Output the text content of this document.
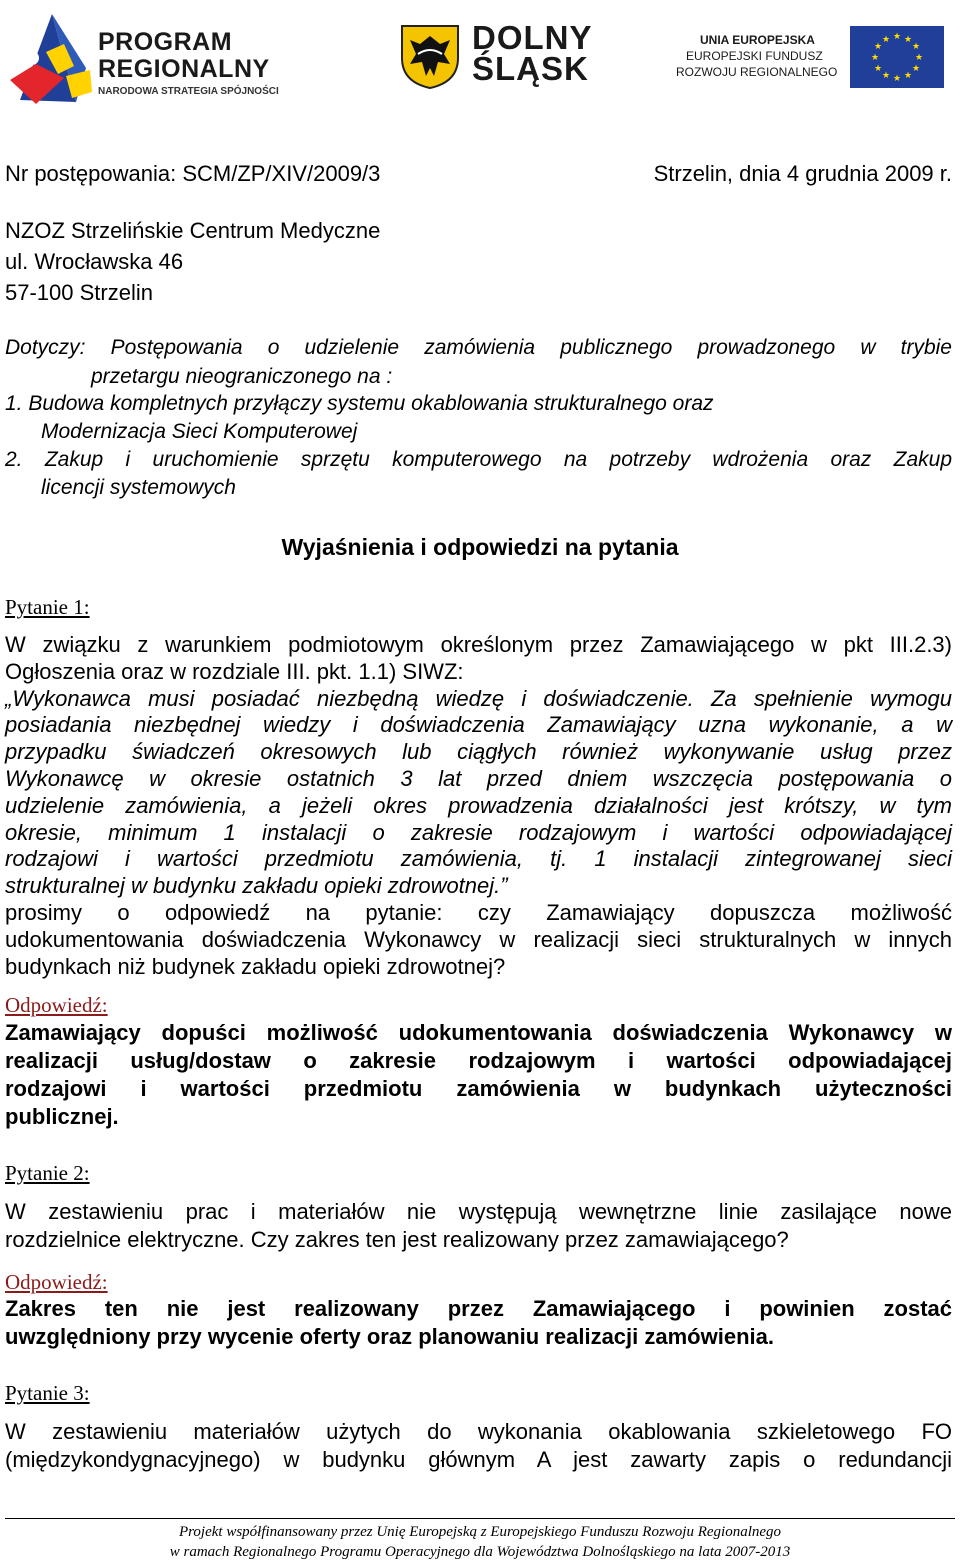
PROGRAM
REGIONALNY
NARODOWA STRATEGIA SPÓJNOŚCI
DOLNY
ŚLĄSK
UNIA EUROPEJSKA
EUROPEJSKI FUNDUSZ
ROZWOJU REGIONALNEGO
★ ★
★
★
★
★
★
★
★
★
★
★
Nr postępowania: SCM/ZP/XIV/2009/3	Strzelin, dnia 4 grudnia 2009 r.
NZOZ Strzelińskie Centrum Medyczne
ul. Wrocławska 46
57-100 Strzelin
Dotyczy: Postępowania o udzielenie zamówienia publicznego prowadzonego w trybie
przetargu nieograniczonego na :
1. Budowa kompletnych przyłączy systemu okablowania strukturalnego oraz
Modernizacja Sieci Komputerowej
2. Zakup i uruchomienie sprzętu komputerowego na potrzeby wdrożenia oraz Zakup
licencji systemowych
Wyjaśnienia i odpowiedzi na pytania
Pytanie 1:
W związku z warunkiem podmiotowym określonym przez Zamawiającego w pkt III.2.3)
Ogłoszenia oraz w rozdziale III. pkt. 1.1) SIWZ:
„Wykonawca musi posiadać niezbędną wiedzę i doświadczenie. Za spełnienie wymogu
posiadania niezbędnej wiedzy i doświadczenia Zamawiający uzna wykonanie, a w
przypadku świadczeń okresowych lub ciągłych również wykonywanie usług przez
Wykonawcę w okresie ostatnich 3 lat przed dniem wszczęcia postępowania o
udzielenie zamówienia, a jeżeli okres prowadzenia działalności jest krótszy, w tym
okresie, minimum 1 instalacji o zakresie rodzajowym i wartości odpowiadającej
rodzajowi i wartości przedmiotu zamówienia, tj. 1 instalacji zintegrowanej sieci
strukturalnej w budynku zakładu opieki zdrowotnej.”
prosimy o odpowiedź na pytanie: czy Zamawiający dopuszcza możliwość
udokumentowania doświadczenia Wykonawcy w realizacji sieci strukturalnych w innych
budynkach niż budynek zakładu opieki zdrowotnej?
Odpowiedź:
Zamawiający dopuści możliwość udokumentowania doświadczenia Wykonawcy w
realizacji usług/dostaw o zakresie rodzajowym i wartości odpowiadającej
rodzajowi i wartości przedmiotu zamówienia w budynkach użyteczności
publicznej.
Pytanie 2:
W zestawieniu prac i materiałów nie występują wewnętrzne linie zasilające nowe
rozdzielnice elektryczne. Czy zakres ten jest realizowany przez zamawiającego?
Odpowiedź:
Zakres ten nie jest realizowany przez Zamawiającego i powinien zostać
uwzględniony przy wycenie oferty oraz planowaniu realizacji zamówienia.
Pytanie 3:
W zestawieniu materiałów użytych do wykonania okablowania szkieletowego FO
(międzykondygnacyjnego) w budynku głównym A jest zawarty zapis o redundancji
Projekt współfinansowany przez Unię Europejską z Europejskiego Funduszu Rozwoju Regionalnego
w ramach Regionalnego Programu Operacyjnego dla Województwa Dolnośląskiego na lata 2007-2013
